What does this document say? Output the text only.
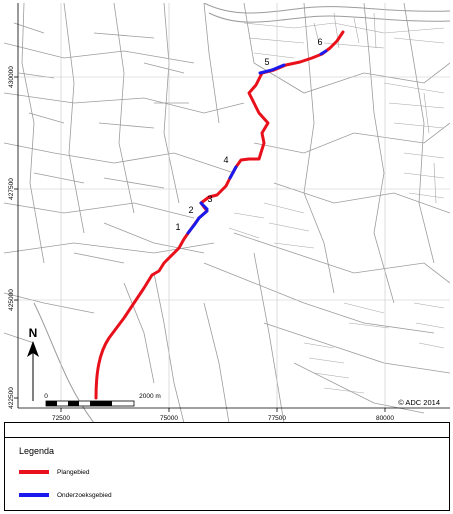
1
2
3
4
5
6
72500	75000	77500	80000
430000
427500
425000
422500
N
0	2000 m
© ADC 2014
Legenda
Plangebied
Onderzoeksgebied
